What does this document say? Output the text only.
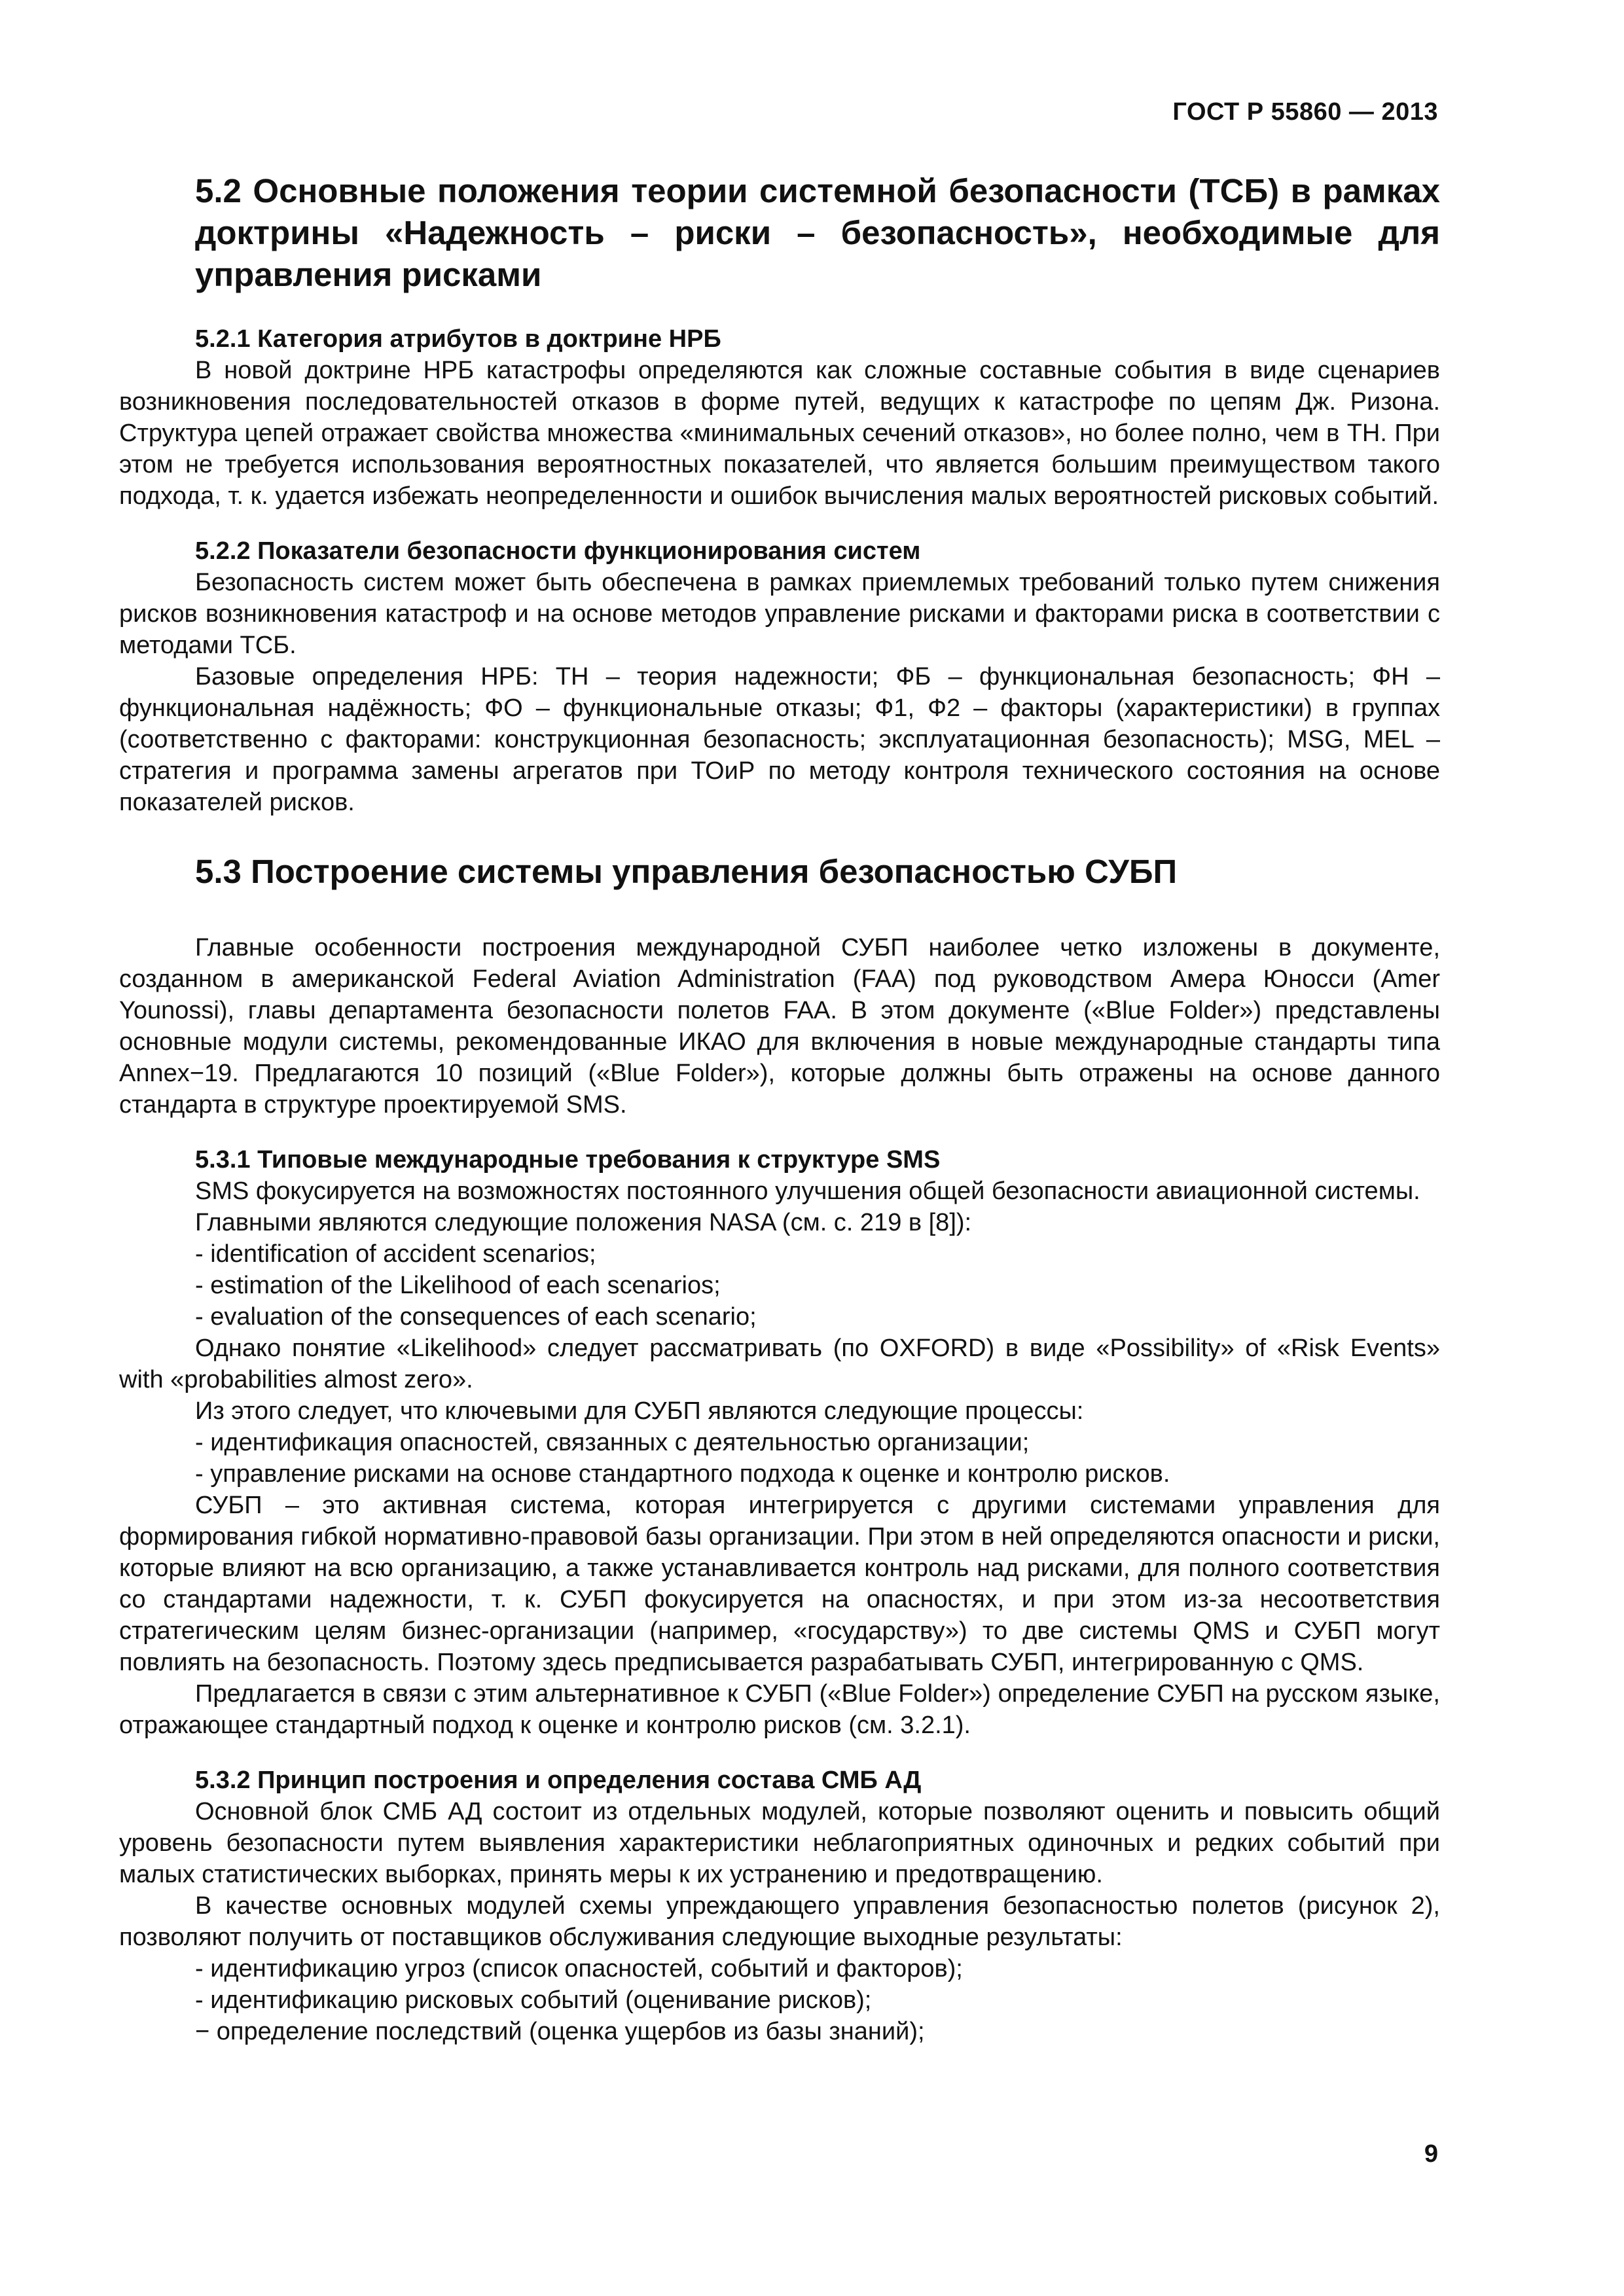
ГОСТ Р 55860 — 2013
5.2 Основные положения теории системной безопасности (ТСБ) в рамках доктрины «Надежность – риски – безопасность», необходимые для управления рисками
5.2.1 Категория атрибутов в доктрине НРБ

В новой доктрине НРБ катастрофы определяются как сложные составные события в виде сценариев возникновения последовательностей отказов в форме путей, ведущих к катастрофе по цепям Дж. Ризона. Структура цепей отражает свойства множества «минимальных сечений отказов», но более полно, чем в ТН. При этом не требуется использования вероятностных показателей, что является большим преимуществом такого подхода, т. к. удается избежать неопределенности и ошибок вычисления малых вероятностей рисковых событий.

5.2.2 Показатели безопасности функционирования систем

Безопасность систем может быть обеспечена в рамках приемлемых требований только путем снижения рисков возникновения катастроф и на основе методов управление рисками и факторами риска в соответствии с методами ТСБ.

Базовые определения НРБ: ТН – теория надежности; ФБ – функциональная безопасность; ФН – функциональная надёжность; ФО – функциональные отказы; Ф1, Ф2 – факторы (характеристики) в группах (соответственно с факторами: конструкционная безопасность; эксплуатационная безопасность); MSG, MEL – стратегия и программа замены агрегатов при ТОиР по методу контроля технического состояния на основе показателей рисков.

5.3 Построение системы управления безопасностью СУБП

Главные особенности построения международной СУБП наиболее четко изложены в документе, созданном в американской Federal Aviation Administration (FAA) под руководством Амера Юносси (Amer Younossi), главы департамента безопасности полетов FAA. В этом документе («Blue Folder») представлены основные модули системы, рекомендованные ИКАО для включения в новые международные стандарты типа Annex−19. Предлагаются 10 позиций («Blue Folder»), которые должны быть отражены на основе данного стандарта в структуре проектируемой SMS.

5.3.1 Типовые международные требования к структуре SMS

SMS фокусируется на возможностях постоянного улучшения общей безопасности авиационной системы.

Главными являются следующие положения NASA (см. с. 219 в [8]):

- identification of accident scenarios;

- estimation of the Likelihood of each scenarios;

- evaluation of the consequences of each scenario;

Однако понятие «Likelihood» следует рассматривать (по OXFORD) в виде «Possibility» of «Risk Events» with «probabilities almost zero».

Из этого следует, что ключевыми для СУБП являются следующие процессы:

- идентификация опасностей, связанных с деятельностью организации;

- управление рисками на основе стандартного подхода к оценке и контролю рисков.

СУБП – это активная система, которая интегрируется с другими системами управления для формирования гибкой нормативно-правовой базы организации. При этом в ней определяются опасности и риски, которые влияют на всю организацию, а также устанавливается контроль над рисками, для полного соответствия со стандартами надежности, т. к. СУБП фокусируется на опасностях, и при этом из-за несоответствия стратегическим целям бизнес-организации (например, «государству») то две системы QMS и СУБП могут повлиять на безопасность. Поэтому здесь предписывается разрабатывать СУБП, интегрированную с QMS.

Предлагается в связи с этим альтернативное к СУБП («Blue Folder») определение СУБП на русском языке, отражающее стандартный подход к оценке и контролю рисков (см. 3.2.1).

5.3.2 Принцип построения и определения состава СМБ АД

Основной блок СМБ АД состоит из отдельных модулей, которые позволяют оценить и повысить общий уровень безопасности путем выявления характеристики неблагоприятных одиночных и редких событий при малых статистических выборках, принять меры к их устранению и предотвращению.

В качестве основных модулей схемы упреждающего управления безопасностью полетов (рисунок 2), позволяют получить от поставщиков обслуживания следующие выходные результаты:

- идентификацию угроз (список опасностей, событий и факторов);

- идентификацию рисковых событий (оценивание рисков);

− определение последствий (оценка ущербов из базы знаний);

9
